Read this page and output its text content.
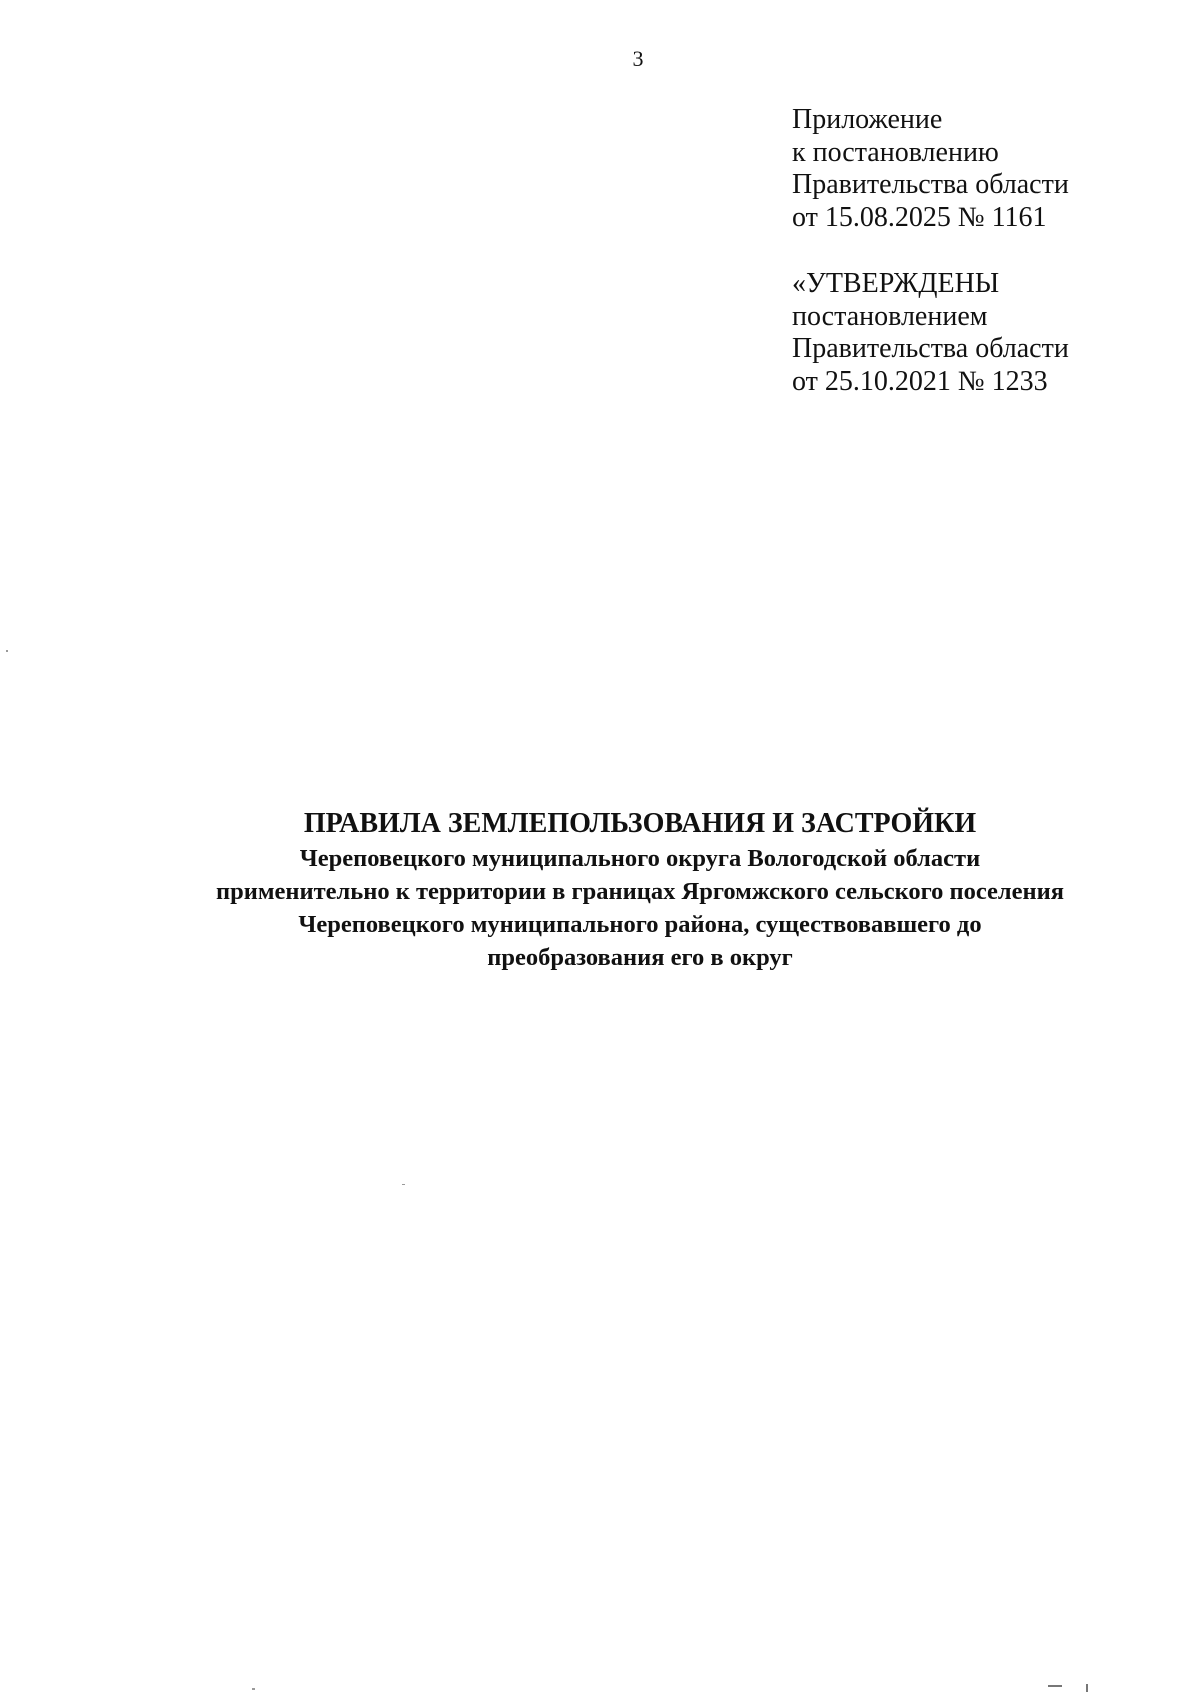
3
Приложение
к постановлению
Правительства области
от 15.08.2025 № 1161
«УТВЕРЖДЕНЫ
постановлением
Правительства области
от 25.10.2021 № 1233
ПРАВИЛА ЗЕМЛЕПОЛЬЗОВАНИЯ И ЗАСТРОЙКИ
Череповецкого муниципального округа Вологодской области
применительно к территории в границах Яргомжского сельского поселения
Череповецкого муниципального района, существовавшего до
преобразования его в округ
